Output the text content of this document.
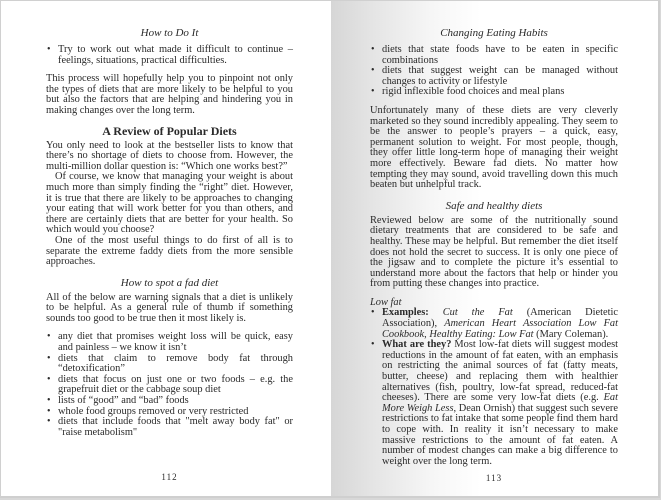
How to Do It
• Try to work out what made it difficult to continue – feelings, situations, practical difficulties.

This process will hopefully help you to pinpoint not only the types of diets that are more likely to be helpful to you but also the factors that are helping and hindering you in making changes over the long term.

A Review of Popular Diets

You only need to look at the bestseller lists to know that there’s no shortage of diets to choose from. However, the multi-million dollar question is: “Which one works best?”

Of course, we know that managing your weight is about much more than simply finding the “right” diet. However, it is true that there are likely to be approaches to changing your eating that will work better for you than others, and there are certainly diets that are better for your health. So which would you choose?

One of the most useful things to do first of all is to separate the extreme faddy diets from the more sensible approaches.

How to spot a fad diet

All of the below are warning signals that a diet is unlikely to be helpful. As a general rule of thumb if something sounds too good to be true then it most likely is.

• any diet that promises weight loss will be quick, easy and painless – we know it isn’t
• diets that claim to remove body fat through “detoxification”
• diets that focus on just one or two foods – e.g. the grapefruit diet or the cabbage soup diet
• lists of “good” and “bad” foods
• whole food groups removed or very restricted
• diets that include foods that "melt away body fat" or "raise metabolism"
112
Changing Eating Habits
• diets that state foods have to be eaten in specific combinations
• diets that suggest weight can be managed without changes to activity or lifestyle
• rigid inflexible food choices and meal plans

Unfortunately many of these diets are very cleverly marketed so they sound incredibly appealing. They seem to be the answer to people’s prayers – a quick, easy, permanent solution to weight. For most people, though, they offer little long-term hope of managing their weight more effectively. Beware fad diets. No matter how tempting they may sound, avoid travelling down this much beaten but unhelpful track.

Safe and healthy diets

Reviewed below are some of the nutritionally sound dietary treatments that are considered to be safe and healthy. These may be helpful. But remember the diet itself does not hold the secret to success. It is only one piece of the jigsaw and to complete the picture it’s essential to understand more about the factors that help or hinder you from putting these changes into practice.

Low fat
• Examples: Cut the Fat (American Dietetic Association), American Heart Association Low Fat Cookbook, Healthy Eating: Low Fat (Mary Coleman).
• What are they? Most low-fat diets will suggest modest reductions in the amount of fat eaten, with an emphasis on restricting the animal sources of fat (fatty meats, butter, cheese) and replacing them with healthier alternatives (fish, poultry, low-fat spread, reduced-fat cheeses). There are some very low-fat diets (e.g. Eat More Weigh Less, Dean Ornish) that suggest such severe restrictions to fat intake that some people find them hard to cope with. In reality it isn’t necessary to make massive restrictions to the amount of fat eaten. A number of modest changes can make a big difference to weight over the long term.
113
